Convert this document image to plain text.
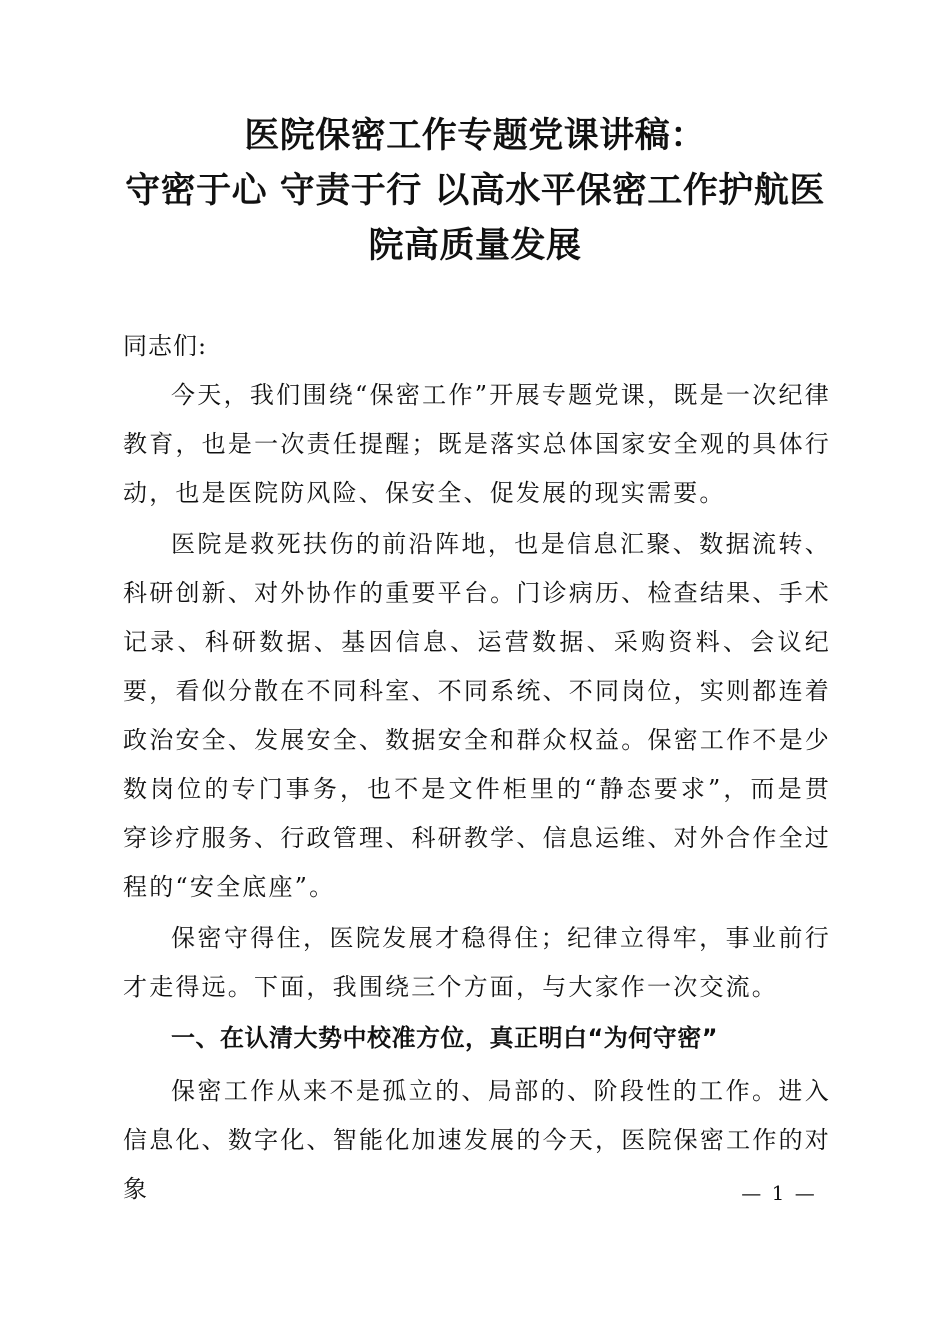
医院保密工作专题党课讲稿：
守密于心 守责于行 以高水平保密工作护航医
院高质量发展
同志们:

今天，我们围绕“保密工作”开展专题党课，既是一次纪律教育，也是一次责任提醒；既是落实总体国家安全观的具体行动，也是医院防风险、保安全、促发展的现实需要。

医院是救死扶伤的前沿阵地，也是信息汇聚、数据流转、科研创新、对外协作的重要平台。门诊病历、检查结果、手术记录、科研数据、基因信息、运营数据、采购资料、会议纪要，看似分散在不同科室、不同系统、不同岗位，实则都连着政治安全、发展安全、数据安全和群众权益。保密工作不是少数岗位的专门事务，也不是文件柜里的“静态要求”，而是贯穿诊疗服务、行政管理、科研教学、信息运维、对外合作全过程的“安全底座”。

保密守得住，医院发展才稳得住；纪律立得牢，事业前行才走得远。下面，我围绕三个方面，与大家作一次交流。

一、在认清大势中校准方位，真正明白“为何守密”

保密工作从来不是孤立的、局部的、阶段性的工作。进入信息化、数字化、智能化加速发展的今天，医院保密工作的对象	— 1 —
